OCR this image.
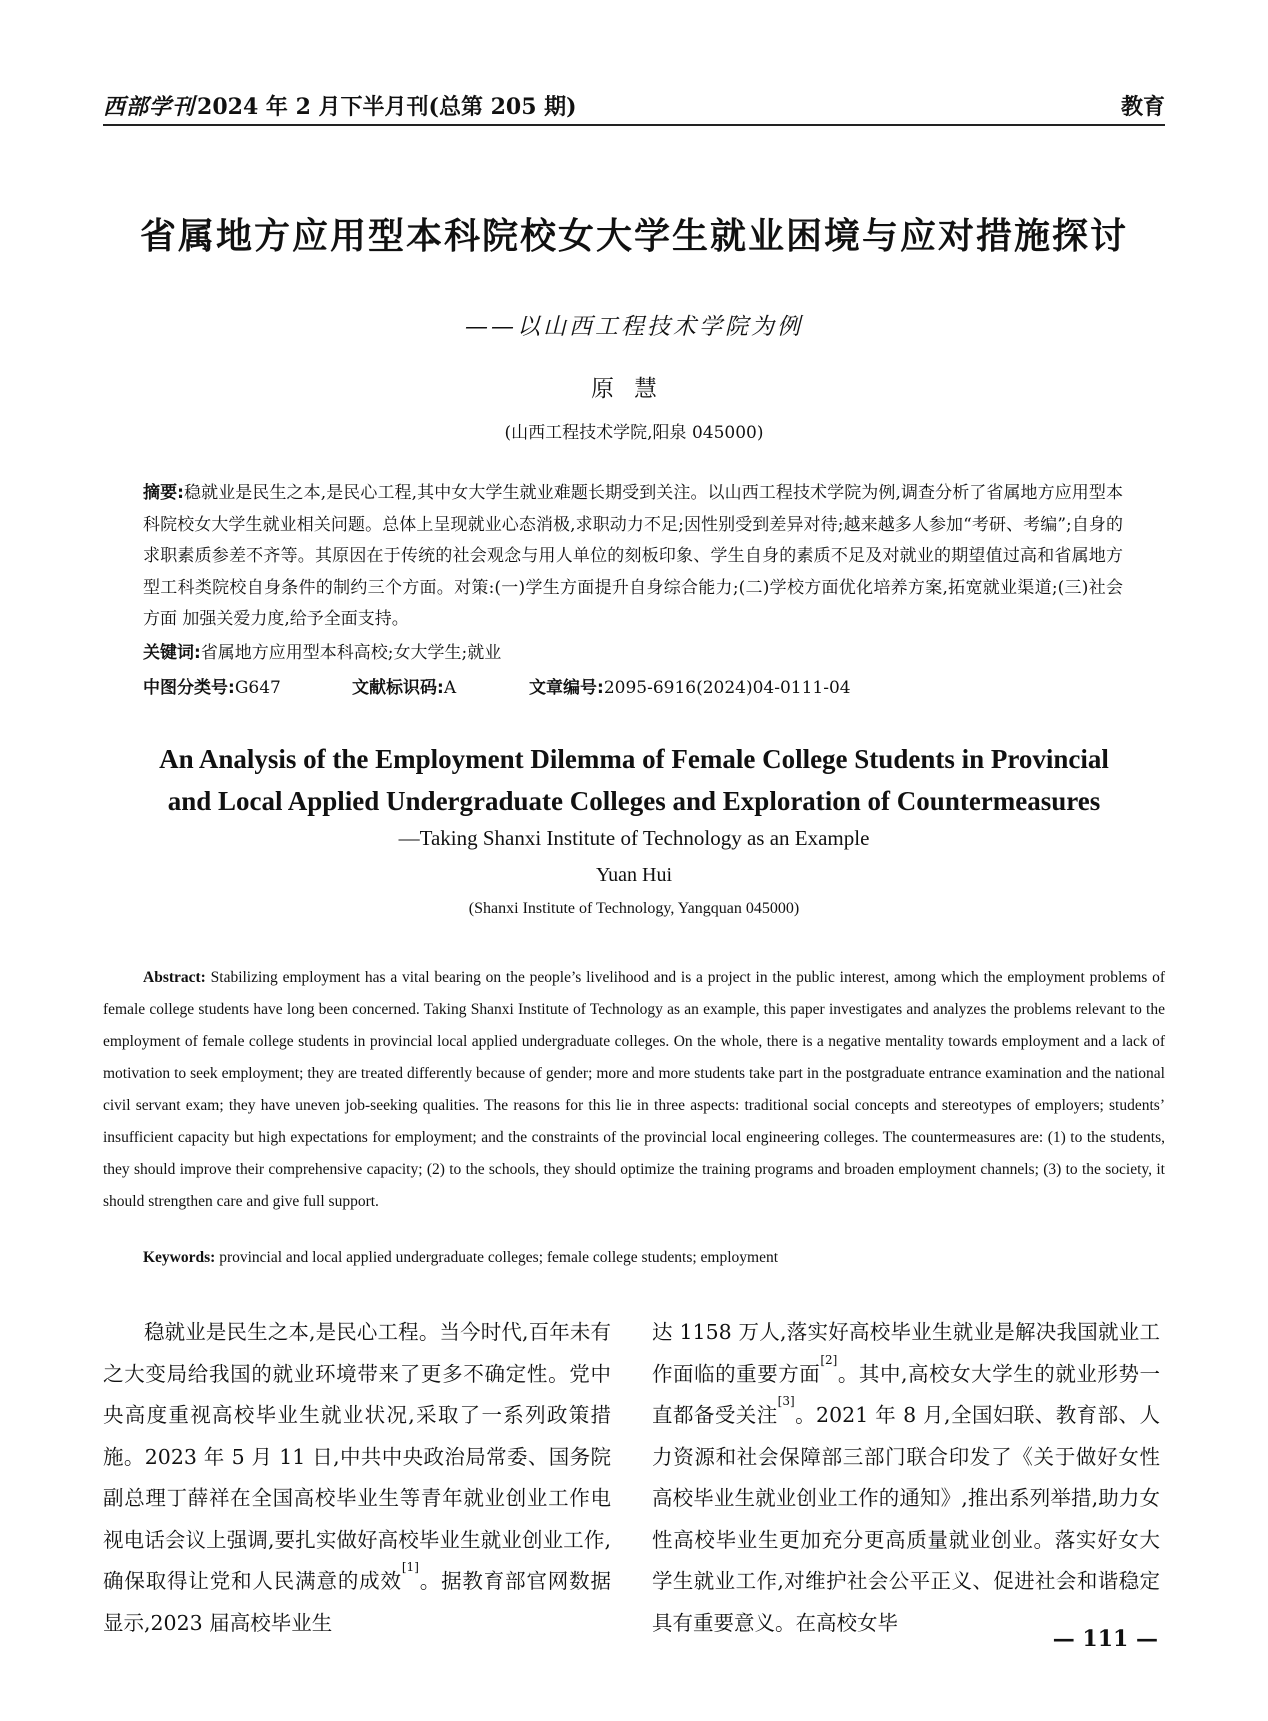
西部学刊2024 年 2 月下半月刊(总第 205 期)	教育
省属地方应用型本科院校女大学生就业困境与应对措施探讨
——以山西工程技术学院为例
原慧
(山西工程技术学院,阳泉 045000)
摘要:稳就业是民生之本,是民心工程,其中女大学生就业难题长期受到关注。以山西工程技术学院为例,调查分析了省属地方应用型本科院校女大学生就业相关问题。总体上呈现就业心态消极,求职动力不足;因性别受到差异对待;越来越多人参加“考研、考编”;自身的求职素质参差不齐等。其原因在于传统的社会观念与用人单位的刻板印象、学生自身的素质不足及对就业的期望值过高和省属地方型工科类院校自身条件的制约三个方面。对策:(一)学生方面提升自身综合能力;(二)学校方面优化培养方案,拓宽就业渠道;(三)社会方面 加强关爱力度,给予全面支持。
关键词:省属地方应用型本科高校;女大学生;就业
中图分类号:G647	文献标识码:A	文章编号:2095-6916(2024)04-0111-04
An Analysis of the Employment Dilemma of Female College Students in Provincial
and Local Applied Undergraduate Colleges and Exploration of Countermeasures
—Taking Shanxi Institute of Technology as an Example
Yuan Hui
(Shanxi Institute of Technology, Yangquan 045000)
Abstract: Stabilizing employment has a vital bearing on the people’s livelihood and is a project in the public interest, among which the employment problems of female college students have long been concerned. Taking Shanxi Institute of Technology as an example, this paper investigates and analyzes the problems relevant to the employment of female college students in provincial local applied undergraduate colleges. On the whole, there is a negative mentality towards employment and a lack of motivation to seek employment; they are treated differently because of gender; more and more students take part in the postgraduate entrance examination and the national civil servant exam; they have uneven job-seeking qualities. The reasons for this lie in three aspects: traditional social concepts and stereotypes of employers; students’ insufficient capacity but high expectations for employment; and the constraints of the provincial local engineering colleges. The countermeasures are: (1) to the students, they should improve their comprehensive capacity; (2) to the schools, they should optimize the training programs and broaden employment channels; (3) to the society, it should strengthen care and give full support.
Keywords: provincial and local applied undergraduate colleges; female college students; employment
稳就业是民生之本,是民心工程。当今时代,百年未有之大变局给我国的就业环境带来了更多不确定性。党中央高度重视高校毕业生就业状况,采取了一系列政策措施。2023 年 5 月 11 日,中共中央政治局常委、国务院副总理丁薛祥在全国高校毕业生等青年就业创业工作电视电话会议上强调,要扎实做好高校毕业生就业创业工作,确保取得让党和人民满意的成效[1]。据教育部官网数据显示,2023 届高校毕业生
达 1158 万人,落实好高校毕业生就业是解决我国就业工作面临的重要方面[2]。其中,高校女大学生的就业形势一直都备受关注[3]。2021 年 8 月,全国妇联、教育部、人力资源和社会保障部三部门联合印发了《关于做好女性高校毕业生就业创业工作的通知》,推出系列举措,助力女性高校毕业生更加充分更高质量就业创业。落实好女大学生就业工作,对维护社会公平正义、促进社会和谐稳定具有重要意义。在高校女毕
— 111 —
